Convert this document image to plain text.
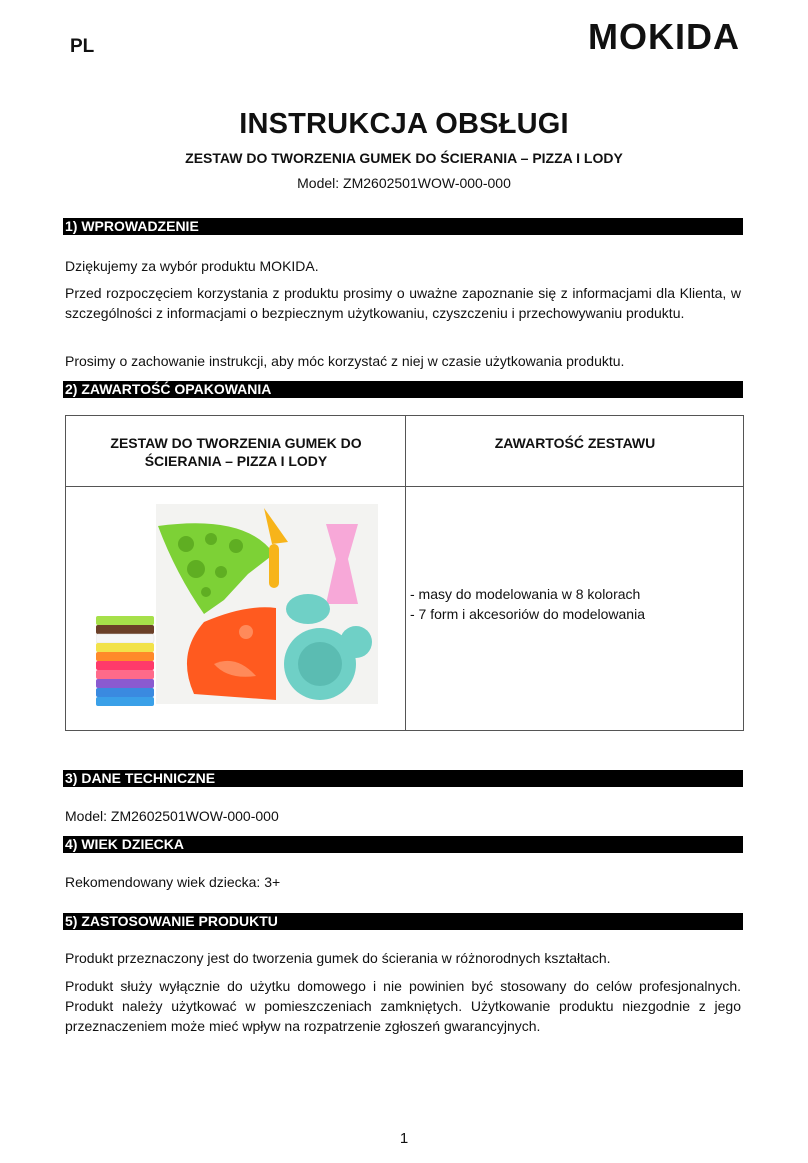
PL	MOKIDA
INSTRUKCJA OBSŁUGI
ZESTAW DO TWORZENIA GUMEK DO ŚCIERANIA – PIZZA I LODY
Model: ZM2602501WOW-000-000
1) WPROWADZENIE
Dziękujemy za wybór produktu MOKIDA.
Przed rozpoczęciem korzystania z produktu prosimy o uważne zapoznanie się z informacjami dla Klienta, w szczególności z informacjami o bezpiecznym użytkowaniu, czyszczeniu i przechowywaniu produktu.
Prosimy o zachowanie instrukcji, aby móc korzystać z niej w czasie użytkowania produktu.
2) ZAWARTOŚĆ OPAKOWANIA
ZESTAW DO TWORZENIA GUMEK DO ŚCIERANIA – PIZZA I LODY
ZAWARTOŚĆ ZESTAWU
- masy do modelowania w 8 kolorach
- 7 form i akcesoriów do modelowania
3) DANE TECHNICZNE
Model: ZM2602501WOW-000-000
4) WIEK DZIECKA
Rekomendowany wiek dziecka: 3+
5) ZASTOSOWANIE PRODUKTU
Produkt przeznaczony jest do tworzenia gumek do ścierania w różnorodnych kształtach.
Produkt służy wyłącznie do użytku domowego i nie powinien być stosowany do celów profesjonalnych. Produkt należy użytkować w pomieszczeniach zamkniętych. Użytkowanie produktu niezgodnie z jego przeznaczeniem może mieć wpływ na rozpatrzenie zgłoszeń gwarancyjnych.
1
